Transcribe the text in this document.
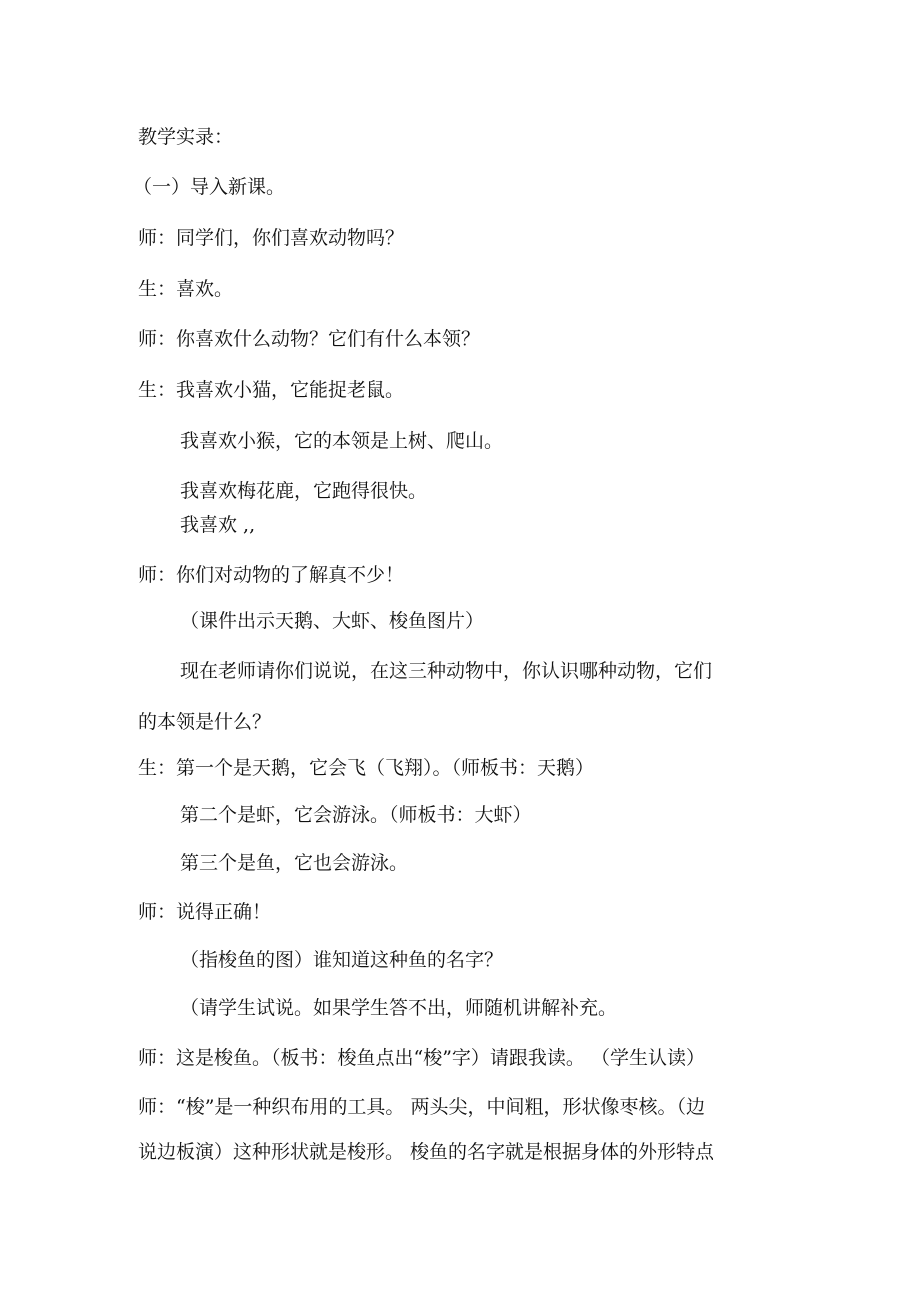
教学实录：
（一）导入新课。
师：同学们，你们喜欢动物吗？
生：喜欢。
师：你喜欢什么动物？它们有什么本领？
生：我喜欢小猫，它能捉老鼠。
我喜欢小猴，它的本领是上树、爬山。
我喜欢梅花鹿，它跑得很快。
我喜欢 ,,
师：你们对动物的了解真不少！
（课件出示天鹅、大虾、梭鱼图片）
现在老师请你们说说，在这三种动物中，你认识哪种动物，它们
的本领是什么？
生：第一个是天鹅，它会飞（飞翔）。（师板书：天鹅）
第二个是虾，它会游泳。（师板书：大虾）
第三个是鱼，它也会游泳。
师：说得正确！
（指梭鱼的图）谁知道这种鱼的名字？
（请学生试说。如果学生答不出，师随机讲解补充。
师：这是梭鱼。（板书：梭鱼点出“梭”字）请跟我读。 （学生认读）
师：“梭”是一种织布用的工具。 两头尖，中间粗，形状像枣核。（边
说边板演）这种形状就是梭形。 梭鱼的名字就是根据身体的外形特点
